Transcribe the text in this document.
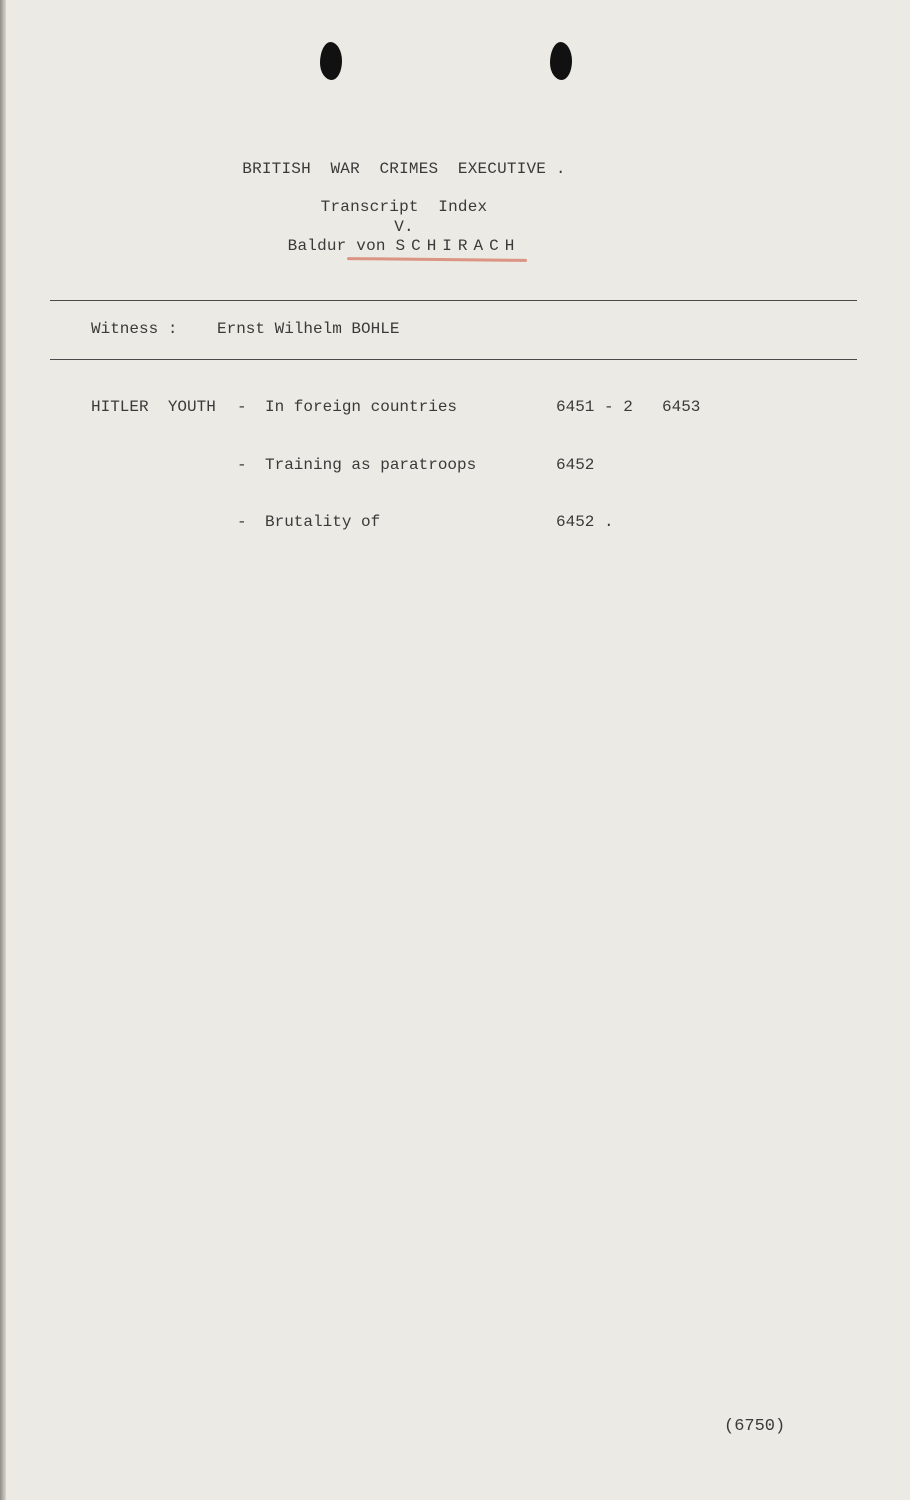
BRITISH  WAR  CRIMES  EXECUTIVE .
Transcript  Index
V.
Baldur von SCHIRACH
Witness : Ernst Wilhelm BOHLE
HITLER  YOUTH - In foreign countries	6451 - 2 6453
- Training as paratroops	6452
- Brutality of	6452 .
(6750)
